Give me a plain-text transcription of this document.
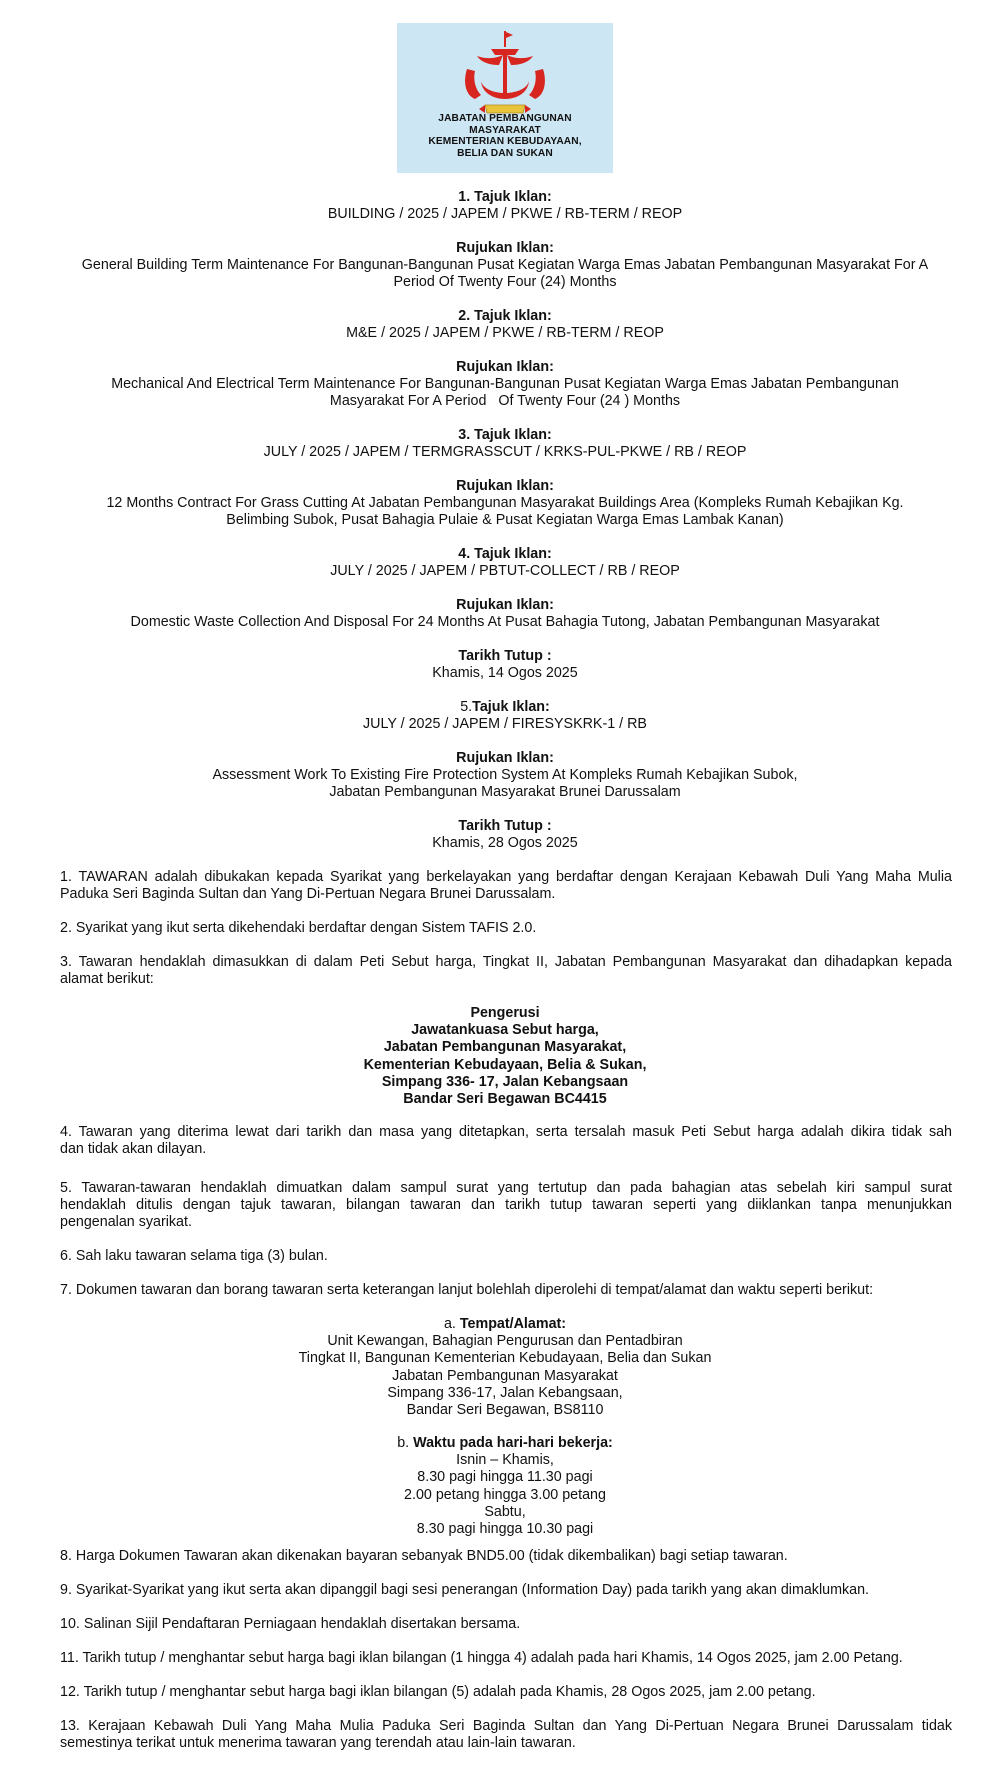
JABATAN PEMBANGUNAN
MASYARAKAT
KEMENTERIAN KEBUDAYAAN,
BELIA DAN SUKAN
1. Tajuk Iklan:
BUILDING / 2025 / JAPEM / PKWE / RB-TERM / REOP
Rujukan Iklan:
General Building Term Maintenance For Bangunan-Bangunan Pusat Kegiatan Warga Emas Jabatan Pembangunan Masyarakat For A
Period Of Twenty Four (24) Months
2. Tajuk Iklan:
M&E / 2025 / JAPEM / PKWE / RB-TERM / REOP
Rujukan Iklan:
Mechanical And Electrical Term Maintenance For Bangunan-Bangunan Pusat Kegiatan Warga Emas Jabatan Pembangunan
Masyarakat For A Period   Of Twenty Four (24 ) Months
3. Tajuk Iklan:
JULY / 2025 / JAPEM / TERMGRASSCUT / KRKS-PUL-PKWE / RB / REOP
Rujukan Iklan:
12 Months Contract For Grass Cutting At Jabatan Pembangunan Masyarakat Buildings Area (Kompleks Rumah Kebajikan Kg.
Belimbing Subok, Pusat Bahagia Pulaie & Pusat Kegiatan Warga Emas Lambak Kanan)
4. Tajuk Iklan:
JULY / 2025 / JAPEM / PBTUT-COLLECT / RB / REOP
Rujukan Iklan:
Domestic Waste Collection And Disposal For 24 Months At Pusat Bahagia Tutong, Jabatan Pembangunan Masyarakat
Tarikh Tutup :
Khamis, 14 Ogos 2025
5.Tajuk Iklan:
JULY / 2025 / JAPEM / FIRESYSKRK-1 / RB
Rujukan Iklan:
Assessment Work To Existing Fire Protection System At Kompleks Rumah Kebajikan Subok,
Jabatan Pembangunan Masyarakat Brunei Darussalam
Tarikh Tutup :
Khamis, 28 Ogos 2025
1. TAWARAN adalah dibukakan kepada Syarikat yang berkelayakan yang berdaftar dengan Kerajaan Kebawah Duli Yang Maha Mulia
Paduka Seri Baginda Sultan dan Yang Di-Pertuan Negara Brunei Darussalam.
2. Syarikat yang ikut serta dikehendaki berdaftar dengan Sistem TAFIS 2.0.
3. Tawaran hendaklah dimasukkan di dalam Peti Sebut harga, Tingkat II, Jabatan Pembangunan Masyarakat dan dihadapkan kepada
alamat berikut:
Pengerusi
Jawatankuasa Sebut harga,
Jabatan Pembangunan Masyarakat,
Kementerian Kebudayaan, Belia & Sukan,
Simpang 336- 17, Jalan Kebangsaan
Bandar Seri Begawan BC4415
4. Tawaran yang diterima lewat dari tarikh dan masa yang ditetapkan, serta tersalah masuk Peti Sebut harga adalah dikira tidak sah
dan tidak akan dilayan.
5. Tawaran-tawaran hendaklah dimuatkan dalam sampul surat yang tertutup dan pada bahagian atas sebelah kiri sampul surat
hendaklah ditulis dengan tajuk tawaran, bilangan tawaran dan tarikh tutup tawaran seperti yang diiklankan tanpa menunjukkan
pengenalan syarikat.
6. Sah laku tawaran selama tiga (3) bulan.
7. Dokumen tawaran dan borang tawaran serta keterangan lanjut bolehlah diperolehi di tempat/alamat dan waktu seperti berikut:
a. Tempat/Alamat:
Unit Kewangan, Bahagian Pengurusan dan Pentadbiran
Tingkat II, Bangunan Kementerian Kebudayaan, Belia dan Sukan
Jabatan Pembangunan Masyarakat
Simpang 336-17, Jalan Kebangsaan,
Bandar Seri Begawan, BS8110
b. Waktu pada hari-hari bekerja:
Isnin – Khamis,
8.30 pagi hingga 11.30 pagi
2.00 petang hingga 3.00 petang
Sabtu,
8.30 pagi hingga 10.30 pagi
8. Harga Dokumen Tawaran akan dikenakan bayaran sebanyak BND5.00 (tidak dikembalikan) bagi setiap tawaran.
9. Syarikat-Syarikat yang ikut serta akan dipanggil bagi sesi penerangan (Information Day) pada tarikh yang akan dimaklumkan.
10. Salinan Sijil Pendaftaran Perniagaan hendaklah disertakan bersama.
11. Tarikh tutup / menghantar sebut harga bagi iklan bilangan (1 hingga 4) adalah pada hari Khamis, 14 Ogos 2025, jam 2.00 Petang.
12. Tarikh tutup / menghantar sebut harga bagi iklan bilangan (5) adalah pada Khamis, 28 Ogos 2025, jam 2.00 petang.
13. Kerajaan Kebawah Duli Yang Maha Mulia Paduka Seri Baginda Sultan dan Yang Di-Pertuan Negara Brunei Darussalam tidak
semestinya terikat untuk menerima tawaran yang terendah atau lain-lain tawaran.
